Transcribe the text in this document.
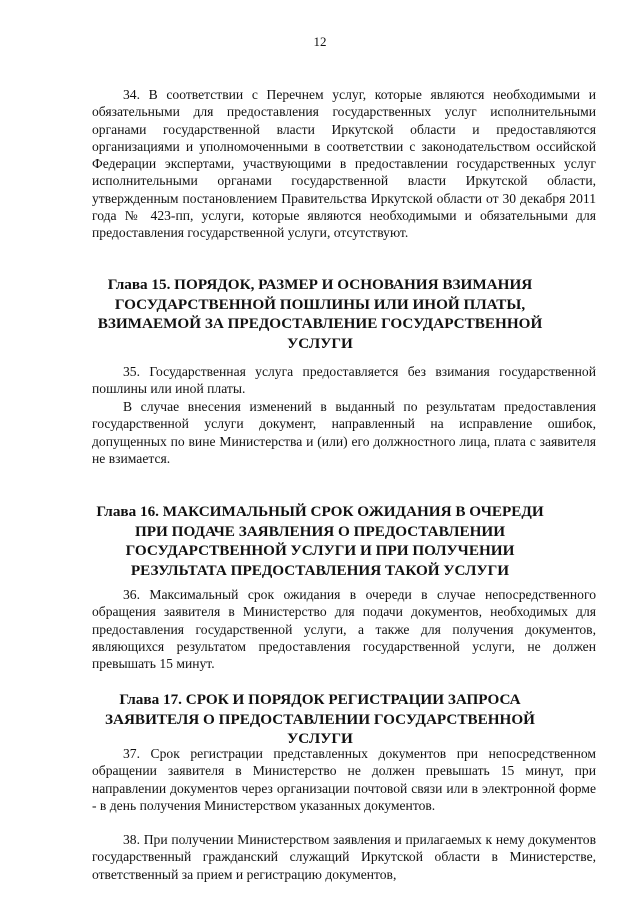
12

34. В соответствии с Перечнем услуг, которые являются необходимыми и обязательными для предоставления государственных услуг исполнительными органами государственной власти Иркутской области и предоставляются организациями и уполномоченными в соответствии с законодательством оссийской Федерации экспертами, участвующими в предоставлении государственных услуг исполнительными органами государственной власти Иркутской области, утвержденным постановлением Правительства Иркутской области от 30 декабря 2011 года № 423-пп, услуги, которые являются необходимыми и обязательными для предоставления государственной услуги, отсутствуют.

Глава 15. ПОРЯДОК, РАЗМЕР И ОСНОВАНИЯ ВЗИМАНИЯ ГОСУДАРСТВЕННОЙ ПОШЛИНЫ ИЛИ ИНОЙ ПЛАТЫ, ВЗИМАЕМОЙ ЗА ПРЕДОСТАВЛЕНИЕ ГОСУДАРСТВЕННОЙ УСЛУГИ

35. Государственная услуга предоставляется без взимания государственной пошлины или иной платы.

В случае внесения изменений в выданный по результатам предоставления государственной услуги документ, направленный на исправление ошибок, допущенных по вине Министерства и (или) его должностного лица, плата с заявителя не взимается.

Глава 16. МАКСИМАЛЬНЫЙ СРОК ОЖИДАНИЯ В ОЧЕРЕДИ ПРИ ПОДАЧЕ ЗАЯВЛЕНИЯ О ПРЕДОСТАВЛЕНИИ ГОСУДАРСТВЕННОЙ УСЛУГИ И ПРИ ПОЛУЧЕНИИ РЕЗУЛЬТАТА ПРЕДОСТАВЛЕНИЯ ТАКОЙ УСЛУГИ

36. Максимальный срок ожидания в очереди в случае непосредственного обращения заявителя в Министерство для подачи документов, необходимых для предоставления государственной услуги, а также для получения документов, являющихся результатом предоставления государственной услуги, не должен превышать 15 минут.

Глава 17. СРОК И ПОРЯДОК РЕГИСТРАЦИИ ЗАПРОСА ЗАЯВИТЕЛЯ О ПРЕДОСТАВЛЕНИИ ГОСУДАРСТВЕННОЙ УСЛУГИ

37. Срок регистрации представленных документов при непосредственном обращении заявителя в Министерство не должен превышать 15 минут, при направлении документов через организации почтовой связи или в электронной форме - в день получения Министерством указанных документов.

38. При получении Министерством заявления и прилагаемых к нему документов государственный гражданский служащий Иркутской области в Министерстве, ответственный за прием и регистрацию документов,
